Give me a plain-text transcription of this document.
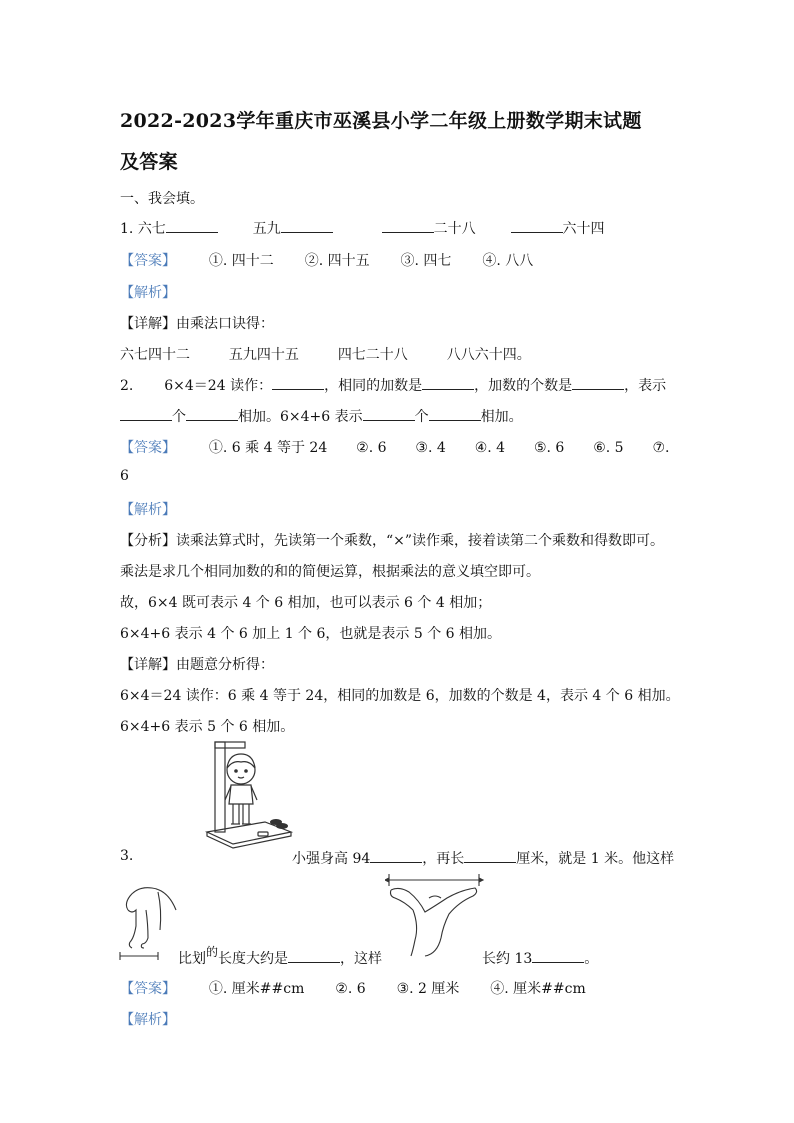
2022-2023学年重庆市巫溪县小学二年级上册数学期末试题
及答案
一、我会填。
1. 六七	五九	二十八	六十四
【答案】 ①. 四十二 ②. 四十五 ③. 四七 ④. 八八
【解析】
【详解】由乘法口诀得：
六七四十二	五九四十五	四七二十八	八八六十四。
2. 6×4＝24 读作：	，相同的加数是	，加数的个数是	，表示
个	相加。6×4+6 表示	个	相加。
【答案】 ①. 6 乘 4 等于 24 ②. 6 ③. 4 ④. 4 ⑤. 6 ⑥. 5 ⑦.
6
【解析】
【分析】读乘法算式时，先读第一个乘数，“×”读作乘，接着读第二个乘数和得数即可。
乘法是求几个相同加数的和的简便运算，根据乘法的意义填空即可。
故，6×4 既可表示 4 个 6 相加，也可以表示 6 个 4 相加；
6×4+6 表示 4 个 6 加上 1 个 6，也就是表示 5 个 6 相加。
【详解】由题意分析得：
6×4＝24 读作：6 乘 4 等于 24，相同的加数是 6，加数的个数是 4，表示 4 个 6 相加。
6×4+6 表示 5 个 6 相加。
3.	小强身高 94	，再长	厘米，就是 1 米。他这样
比划的长度大约是	，这样	长约 13	。
【答案】 ①. 厘米##cm ②. 6 ③. 2 厘米 ④. 厘米##cm
【解析】
